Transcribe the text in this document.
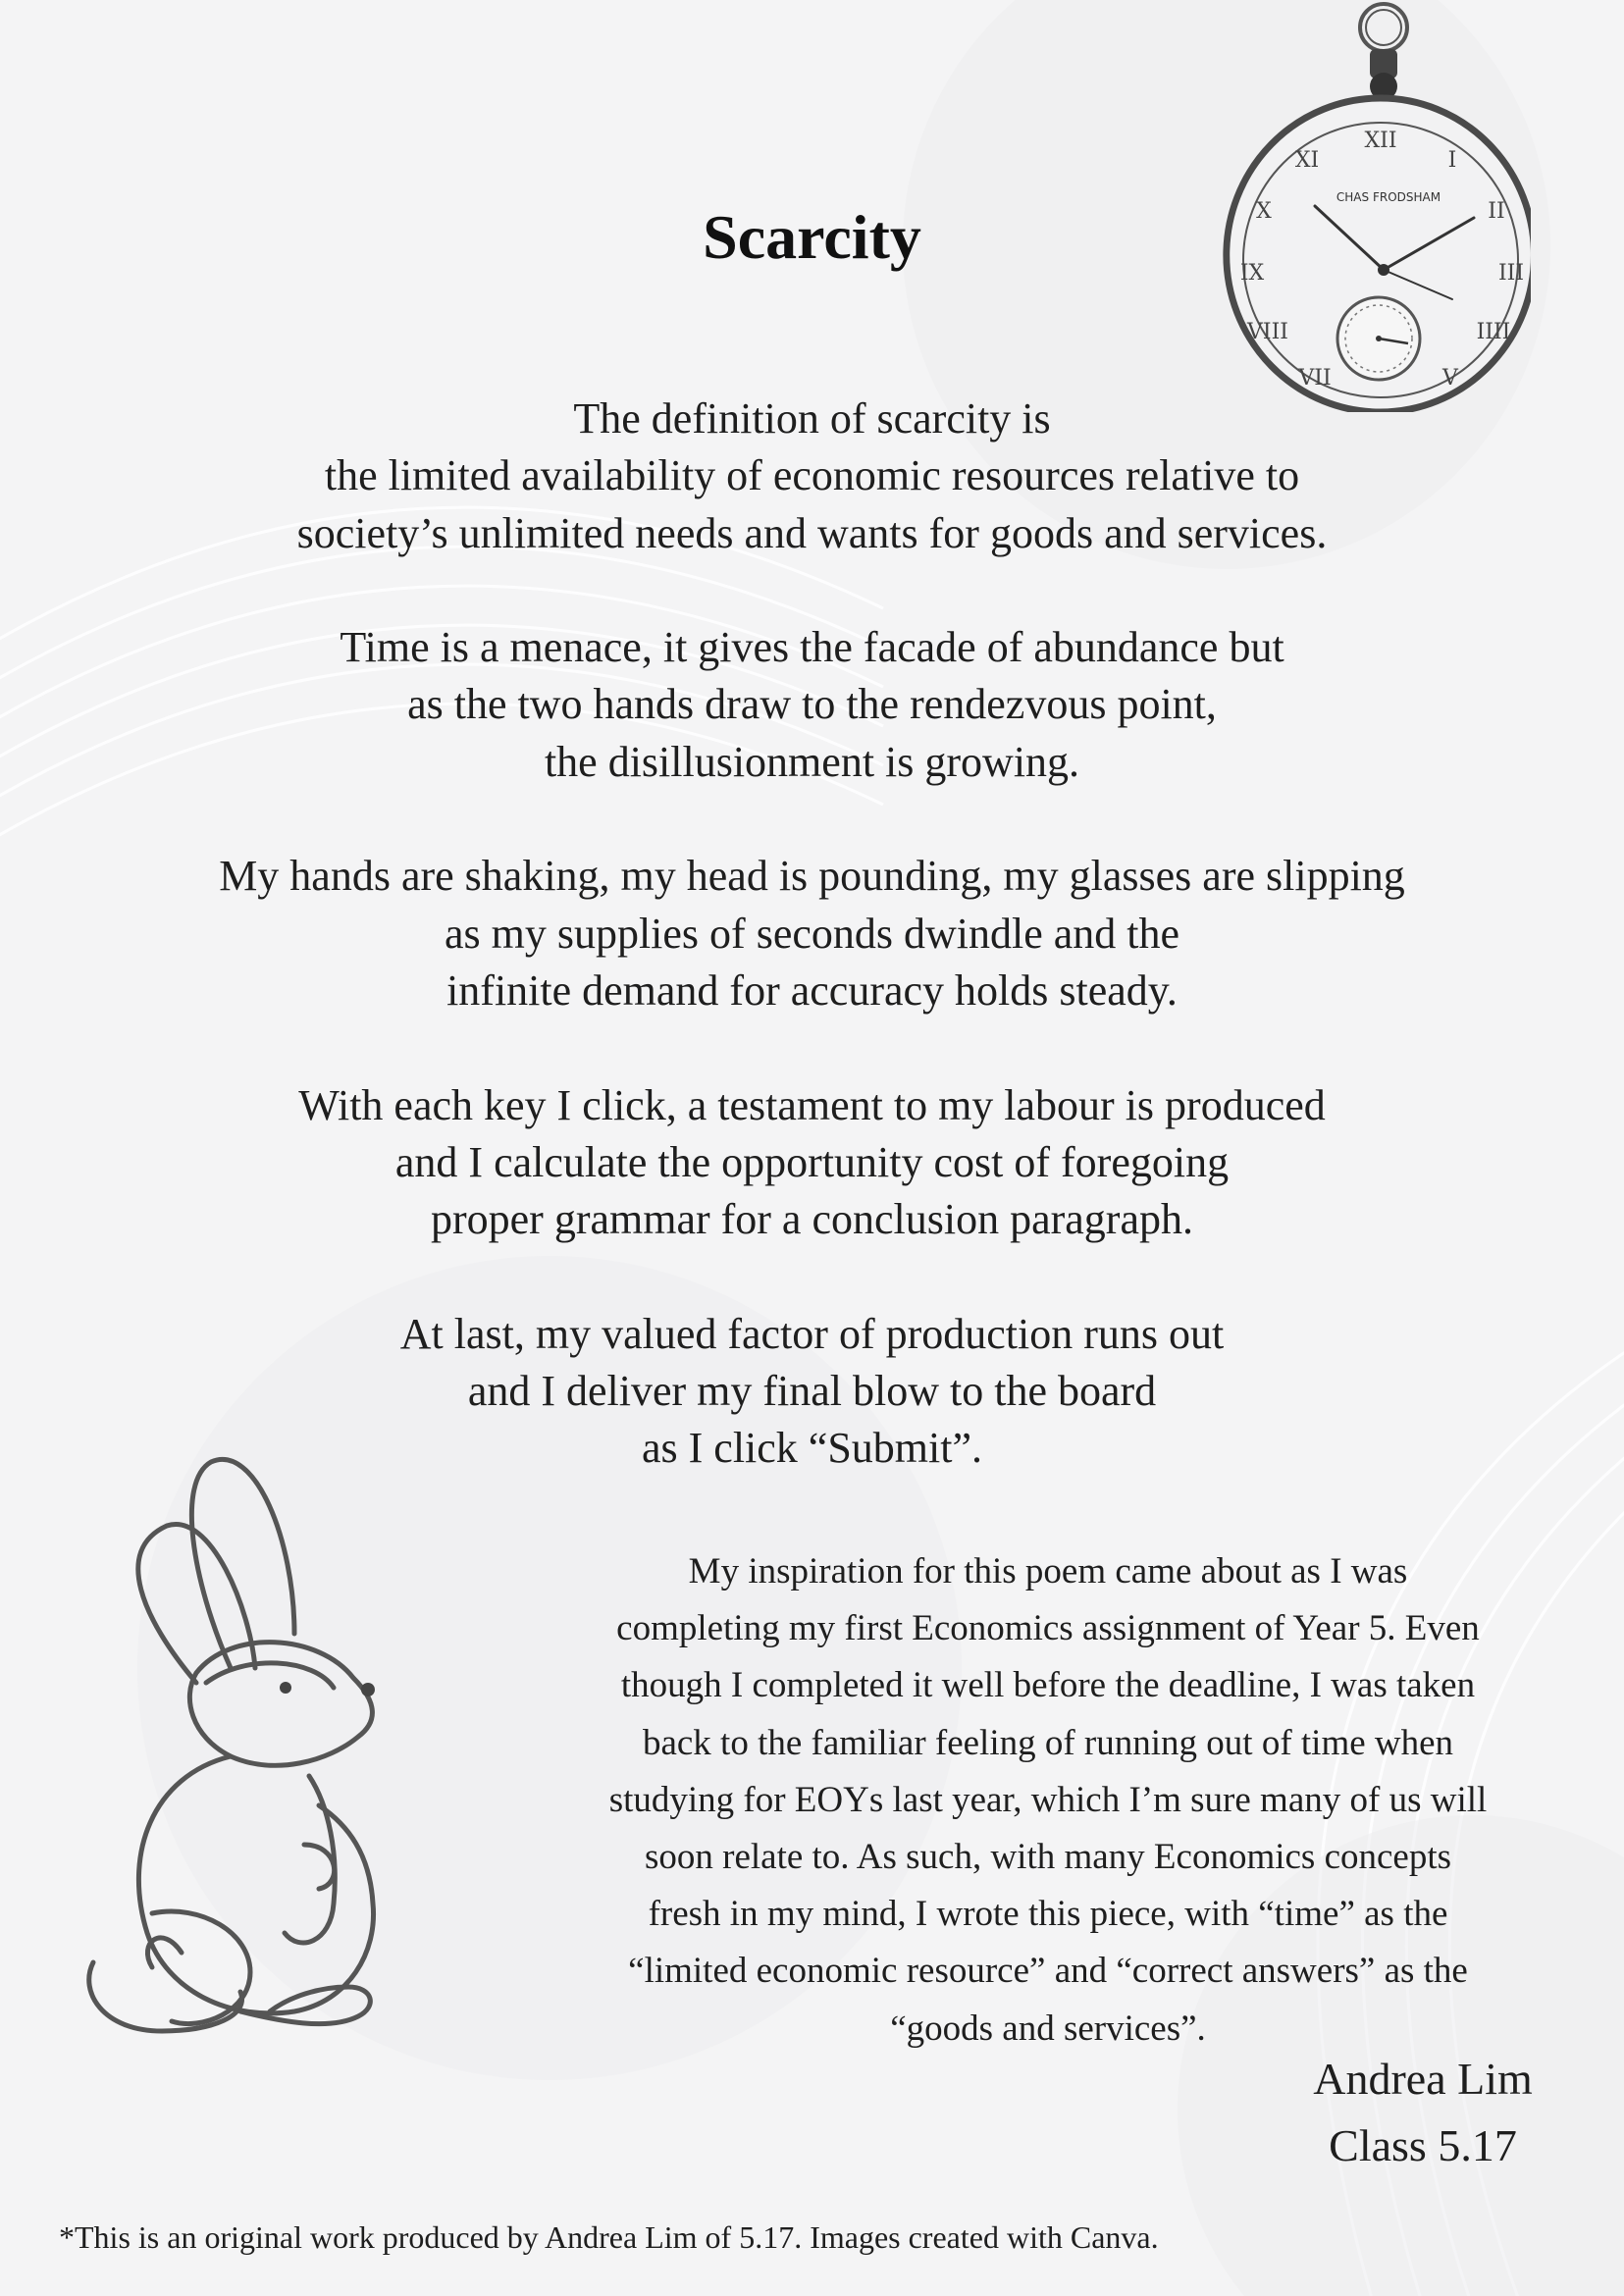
Scarcity

The definition of scarcity is
the limited availability of economic resources relative to
society’s unlimited needs and wants for goods and services.

Time is a menace, it gives the facade of abundance but
as the two hands draw to the rendezvous point,
the disillusionment is growing.

My hands are shaking, my head is pounding, my glasses are slipping
as my supplies of seconds dwindle and the
infinite demand for accuracy holds steady.

With each key I click, a testament to my labour is produced
and I calculate the opportunity cost of foregoing
proper grammar for a conclusion paragraph.

At last, my valued factor of production runs out
and I deliver my final blow to the board
as I click “Submit”.

My inspiration for this poem came about as I was
completing my first Economics assignment of Year 5. Even
though I completed it well before the deadline, I was taken
back to the familiar feeling of running out of time when
studying for EOYs last year, which I’m sure many of us will
soon relate to. As such, with many Economics concepts
fresh in my mind, I wrote this piece, with “time” as the
“limited economic resource” and “correct answers” as the
“goods and services”.
Andrea Lim
Class 5.17
*This is an original work produced by Andrea Lim of 5.17. Images created with Canva.
XII
I
II
III
IIII
V
VII
VIII
IX
X
XI
CHAS FRODSHAM
